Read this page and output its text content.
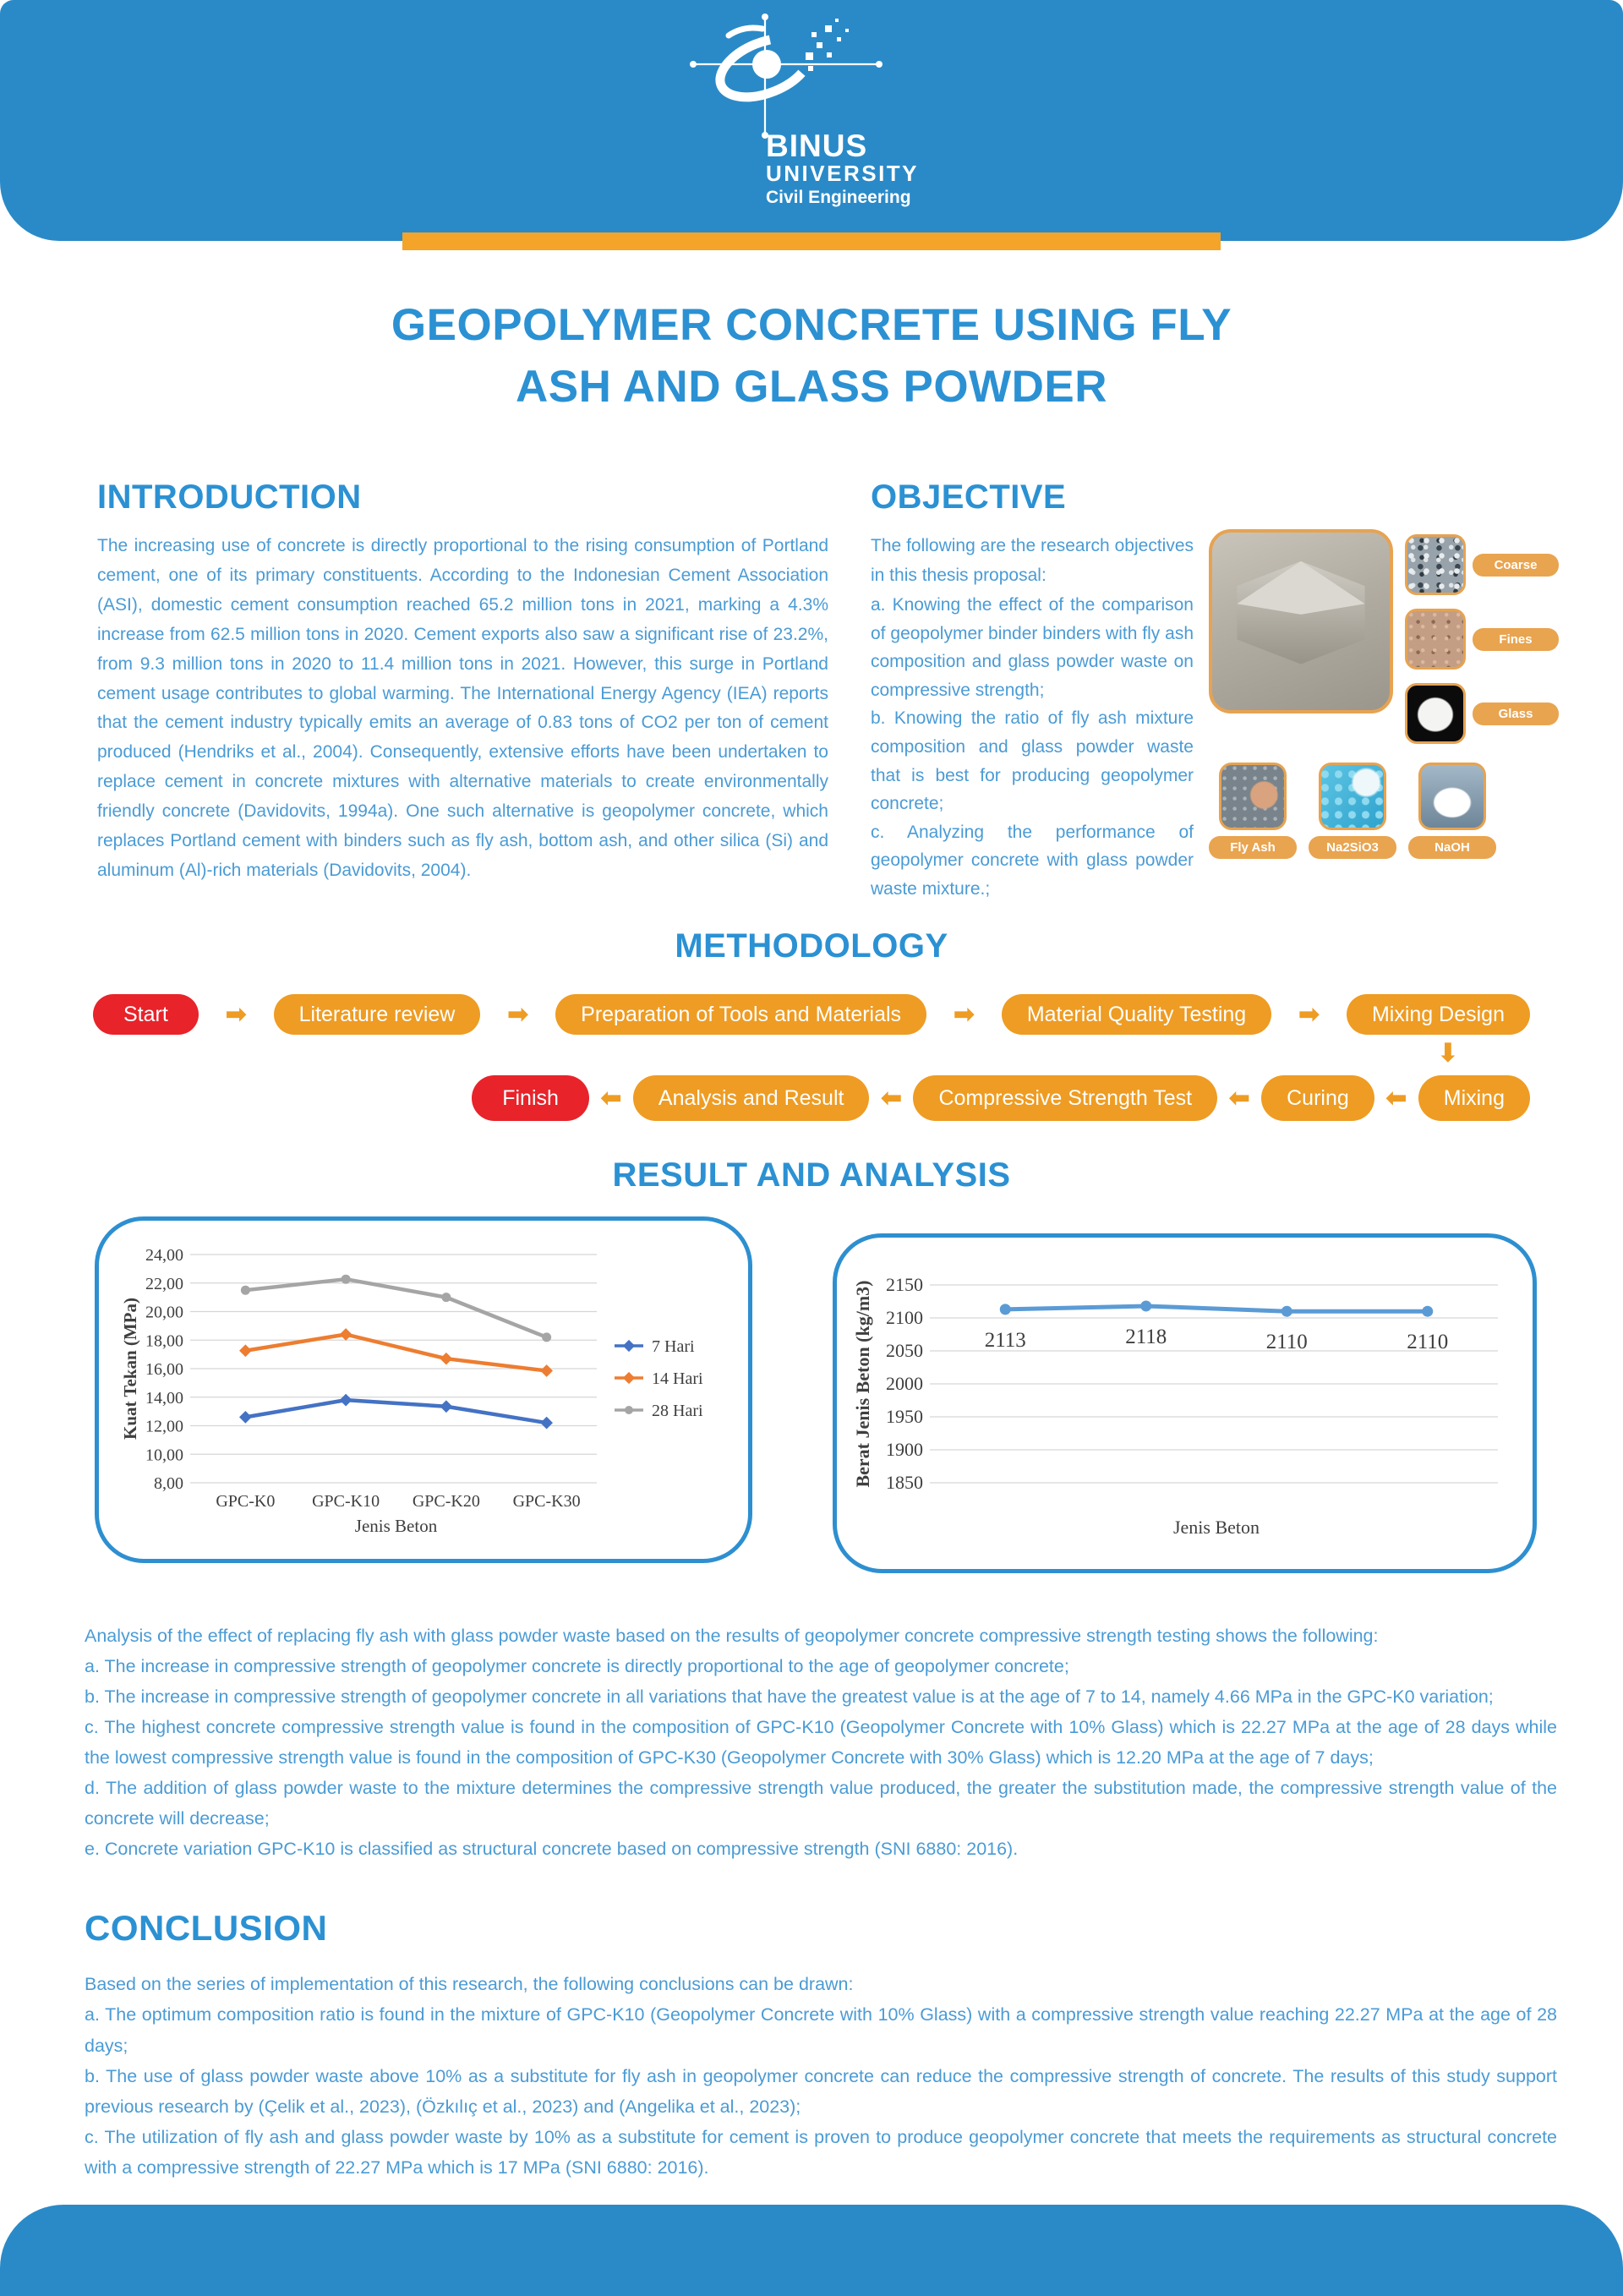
BINUS
UNIVERSITY
Civil Engineering
GEOPOLYMER CONCRETE USING FLY
ASH AND GLASS POWDER
INTRODUCTION

The increasing use of concrete is directly proportional to the rising consumption of Portland cement, one of its primary constituents. According to the Indonesian Cement Association (ASI), domestic cement consumption reached 65.2 million tons in 2021, marking a 4.3% increase from 62.5 million tons in 2020. Cement exports also saw a significant rise of 23.2%, from 9.3 million tons in 2020 to 11.4 million tons in 2021. However, this surge in Portland cement usage contributes to global warming. The International Energy Agency (IEA) reports that the cement industry typically emits an average of 0.83 tons of CO2 per ton of cement produced (Hendriks et al., 2004). Consequently, extensive efforts have been undertaken to replace cement in concrete mixtures with alternative materials to create environmentally friendly concrete (Davidovits, 1994a). One such alternative is geopolymer concrete, which replaces Portland cement with binders such as fly ash, bottom ash, and other silica (Si) and aluminum (Al)-rich materials (Davidovits, 2004).

OBJECTIVE

The following are the research objectives in this thesis proposal:

a. Knowing the effect of the comparison of geopolymer binder binders with fly ash composition and glass powder waste on compressive strength;

b. Knowing the ratio of fly ash mixture composition and glass powder waste that is best for producing geopolymer concrete;

c. Analyzing the performance of geopolymer concrete with glass powder waste mixture.;

Coarse
Fines
Glass
Fly Ash	Na2SiO3	NaOH
METHODOLOGY
Start	➡	Literature review	➡	Preparation of Tools and Materials	➡	Material Quality Testing	➡	Mixing Design
⬇
Finish	⬅	Analysis and Result	⬅	Compressive Strength Test	⬅	Curing	⬅	Mixing
RESULT AND ANALYSIS
24,00
22,00
20,00
18,00
16,00
14,00
12,00
10,00
8,00
GPC-K0 GPC-K10 GPC-K20 GPC-K30
Jenis Beton
Kuat Tekan (MPa)	7 Hari
14 Hari
28 Hari
2150
2100
2050
2000
1950
1900
1850
2113	2118	2110	2110
Jenis Beton
Berat Jenis Beton (kg/m3)

Analysis of the effect of replacing fly ash with glass powder waste based on the results of geopolymer concrete compressive strength testing shows the following:

a. The increase in compressive strength of geopolymer concrete is directly proportional to the age of geopolymer concrete;

b. The increase in compressive strength of geopolymer concrete in all variations that have the greatest value is at the age of 7 to 14, namely 4.66 MPa in the GPC-K0 variation;

c. The highest concrete compressive strength value is found in the composition of GPC-K10 (Geopolymer Concrete with 10% Glass) which is 22.27 MPa at the age of 28 days while the lowest compressive strength value is found in the composition of GPC-K30 (Geopolymer Concrete with 30% Glass) which is 12.20 MPa at the age of 7 days;

d. The addition of glass powder waste to the mixture determines the compressive strength value produced, the greater the substitution made, the compressive strength value of the concrete will decrease;

e. Concrete variation GPC-K10 is classified as structural concrete based on compressive strength (SNI 6880: 2016).

CONCLUSION

Based on the series of implementation of this research, the following conclusions can be drawn:

a. The optimum composition ratio is found in the mixture of GPC-K10 (Geopolymer Concrete with 10% Glass) with a compressive strength value reaching 22.27 MPa at the age of 28 days;

b. The use of glass powder waste above 10% as a substitute for fly ash in geopolymer concrete can reduce the compressive strength of concrete. The results of this study support previous research by (Çelik et al., 2023), (Özkılıç et al., 2023) and (Angelika et al., 2023);

c. The utilization of fly ash and glass powder waste by 10% as a substitute for cement is proven to produce geopolymer concrete that meets the requirements as structural concrete with a compressive strength of 22.27 MPa which is 17 MPa (SNI 6880: 2016).
